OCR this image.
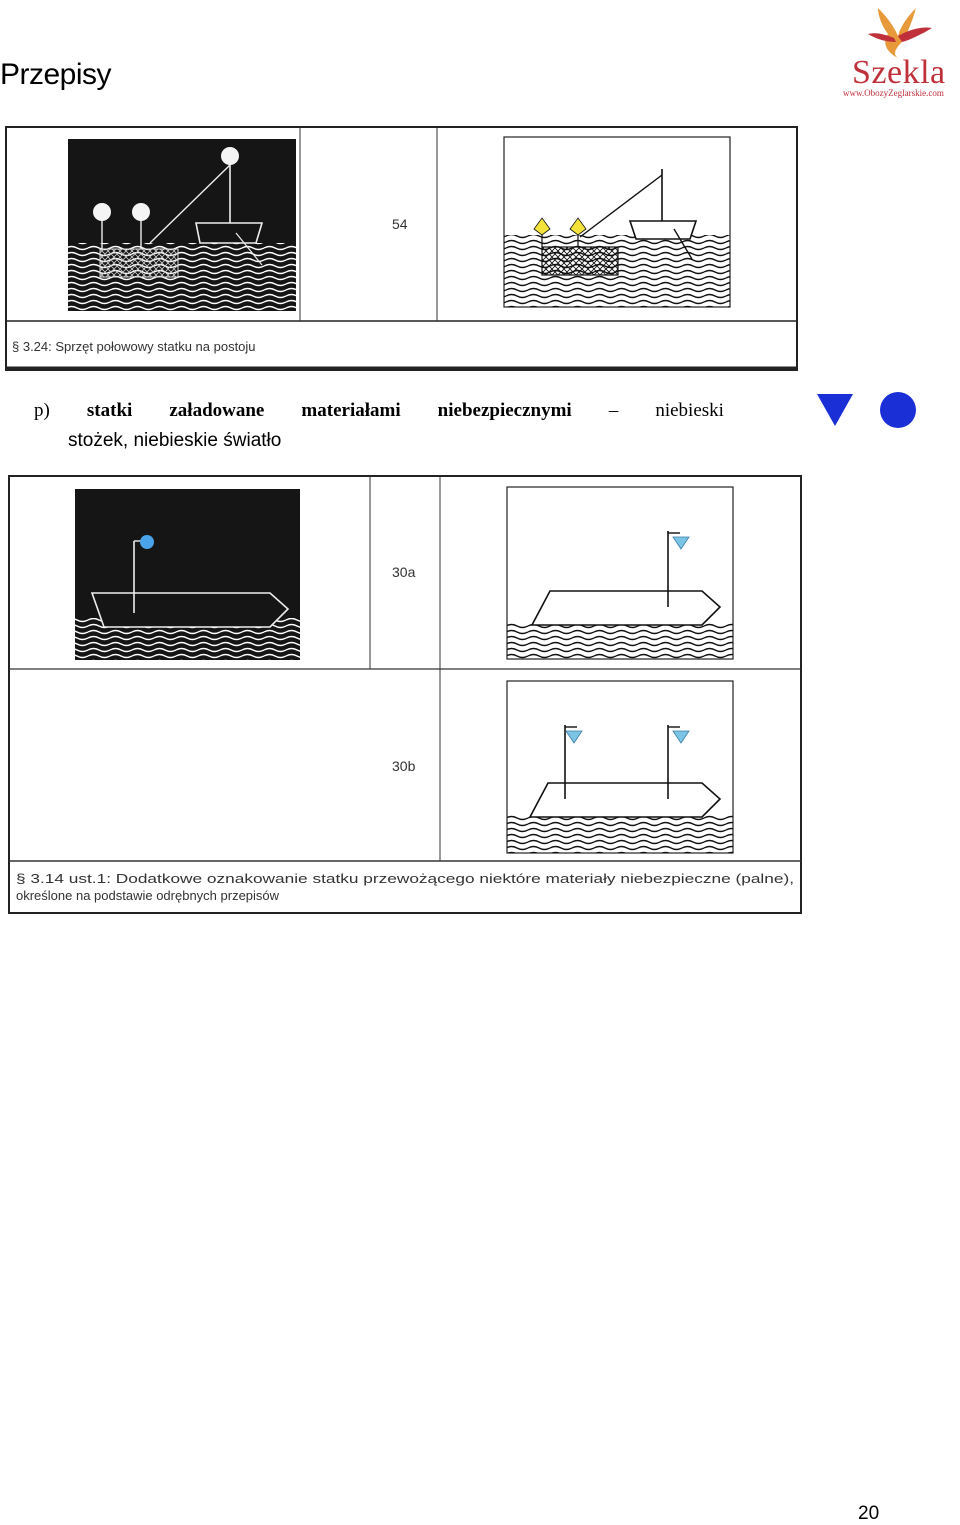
Przepisy	Szekla
www.ObozyZeglarskie.com
54
§ 3.24: Sprzęt połowowy statku na postoju
p) statki załadowane materiałami niebezpiecznymi – niebieski
stożek, niebieskie światło
30a
30b
§ 3.14 ust.1: Dodatkowe oznakowanie statku przewożącego niektóre materiały niebezpieczne (palne),
określone na podstawie odrębnych przepisów
20
